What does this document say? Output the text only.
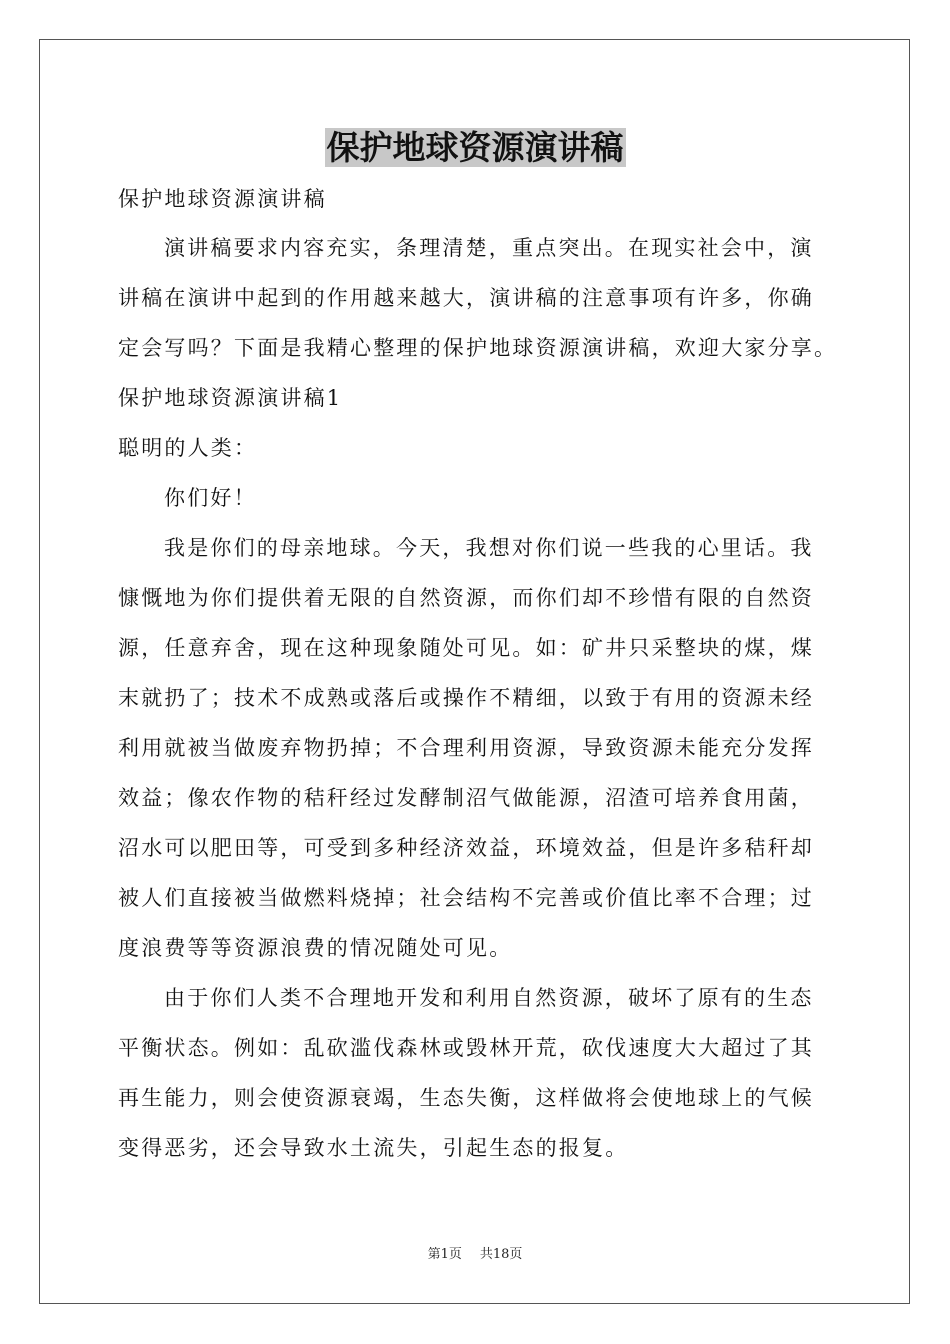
保护地球资源演讲稿
保护地球资源演讲稿
演讲稿要求内容充实，条理清楚，重点突出。在现实社会中，演
讲稿在演讲中起到的作用越来越大，演讲稿的注意事项有许多，你确
定会写吗？下面是我精心整理的保护地球资源演讲稿，欢迎大家分享。
保护地球资源演讲稿1
聪明的人类：
你们好！
我是你们的母亲地球。今天，我想对你们说一些我的心里话。我
慷慨地为你们提供着无限的自然资源，而你们却不珍惜有限的自然资
源，任意弃舍，现在这种现象随处可见。如：矿井只采整块的煤，煤
末就扔了；技术不成熟或落后或操作不精细，以致于有用的资源未经
利用就被当做废弃物扔掉；不合理利用资源，导致资源未能充分发挥
效益；像农作物的秸秆经过发酵制沼气做能源，沼渣可培养食用菌，
沼水可以肥田等，可受到多种经济效益，环境效益，但是许多秸秆却
被人们直接被当做燃料烧掉；社会结构不完善或价值比率不合理；过
度浪费等等资源浪费的情况随处可见。
由于你们人类不合理地开发和利用自然资源，破坏了原有的生态
平衡状态。例如：乱砍滥伐森林或毁林开荒，砍伐速度大大超过了其
再生能力，则会使资源衰竭，生态失衡，这样做将会使地球上的气候
变得恶劣，还会导致水土流失，引起生态的报复。
第1页 共18页
